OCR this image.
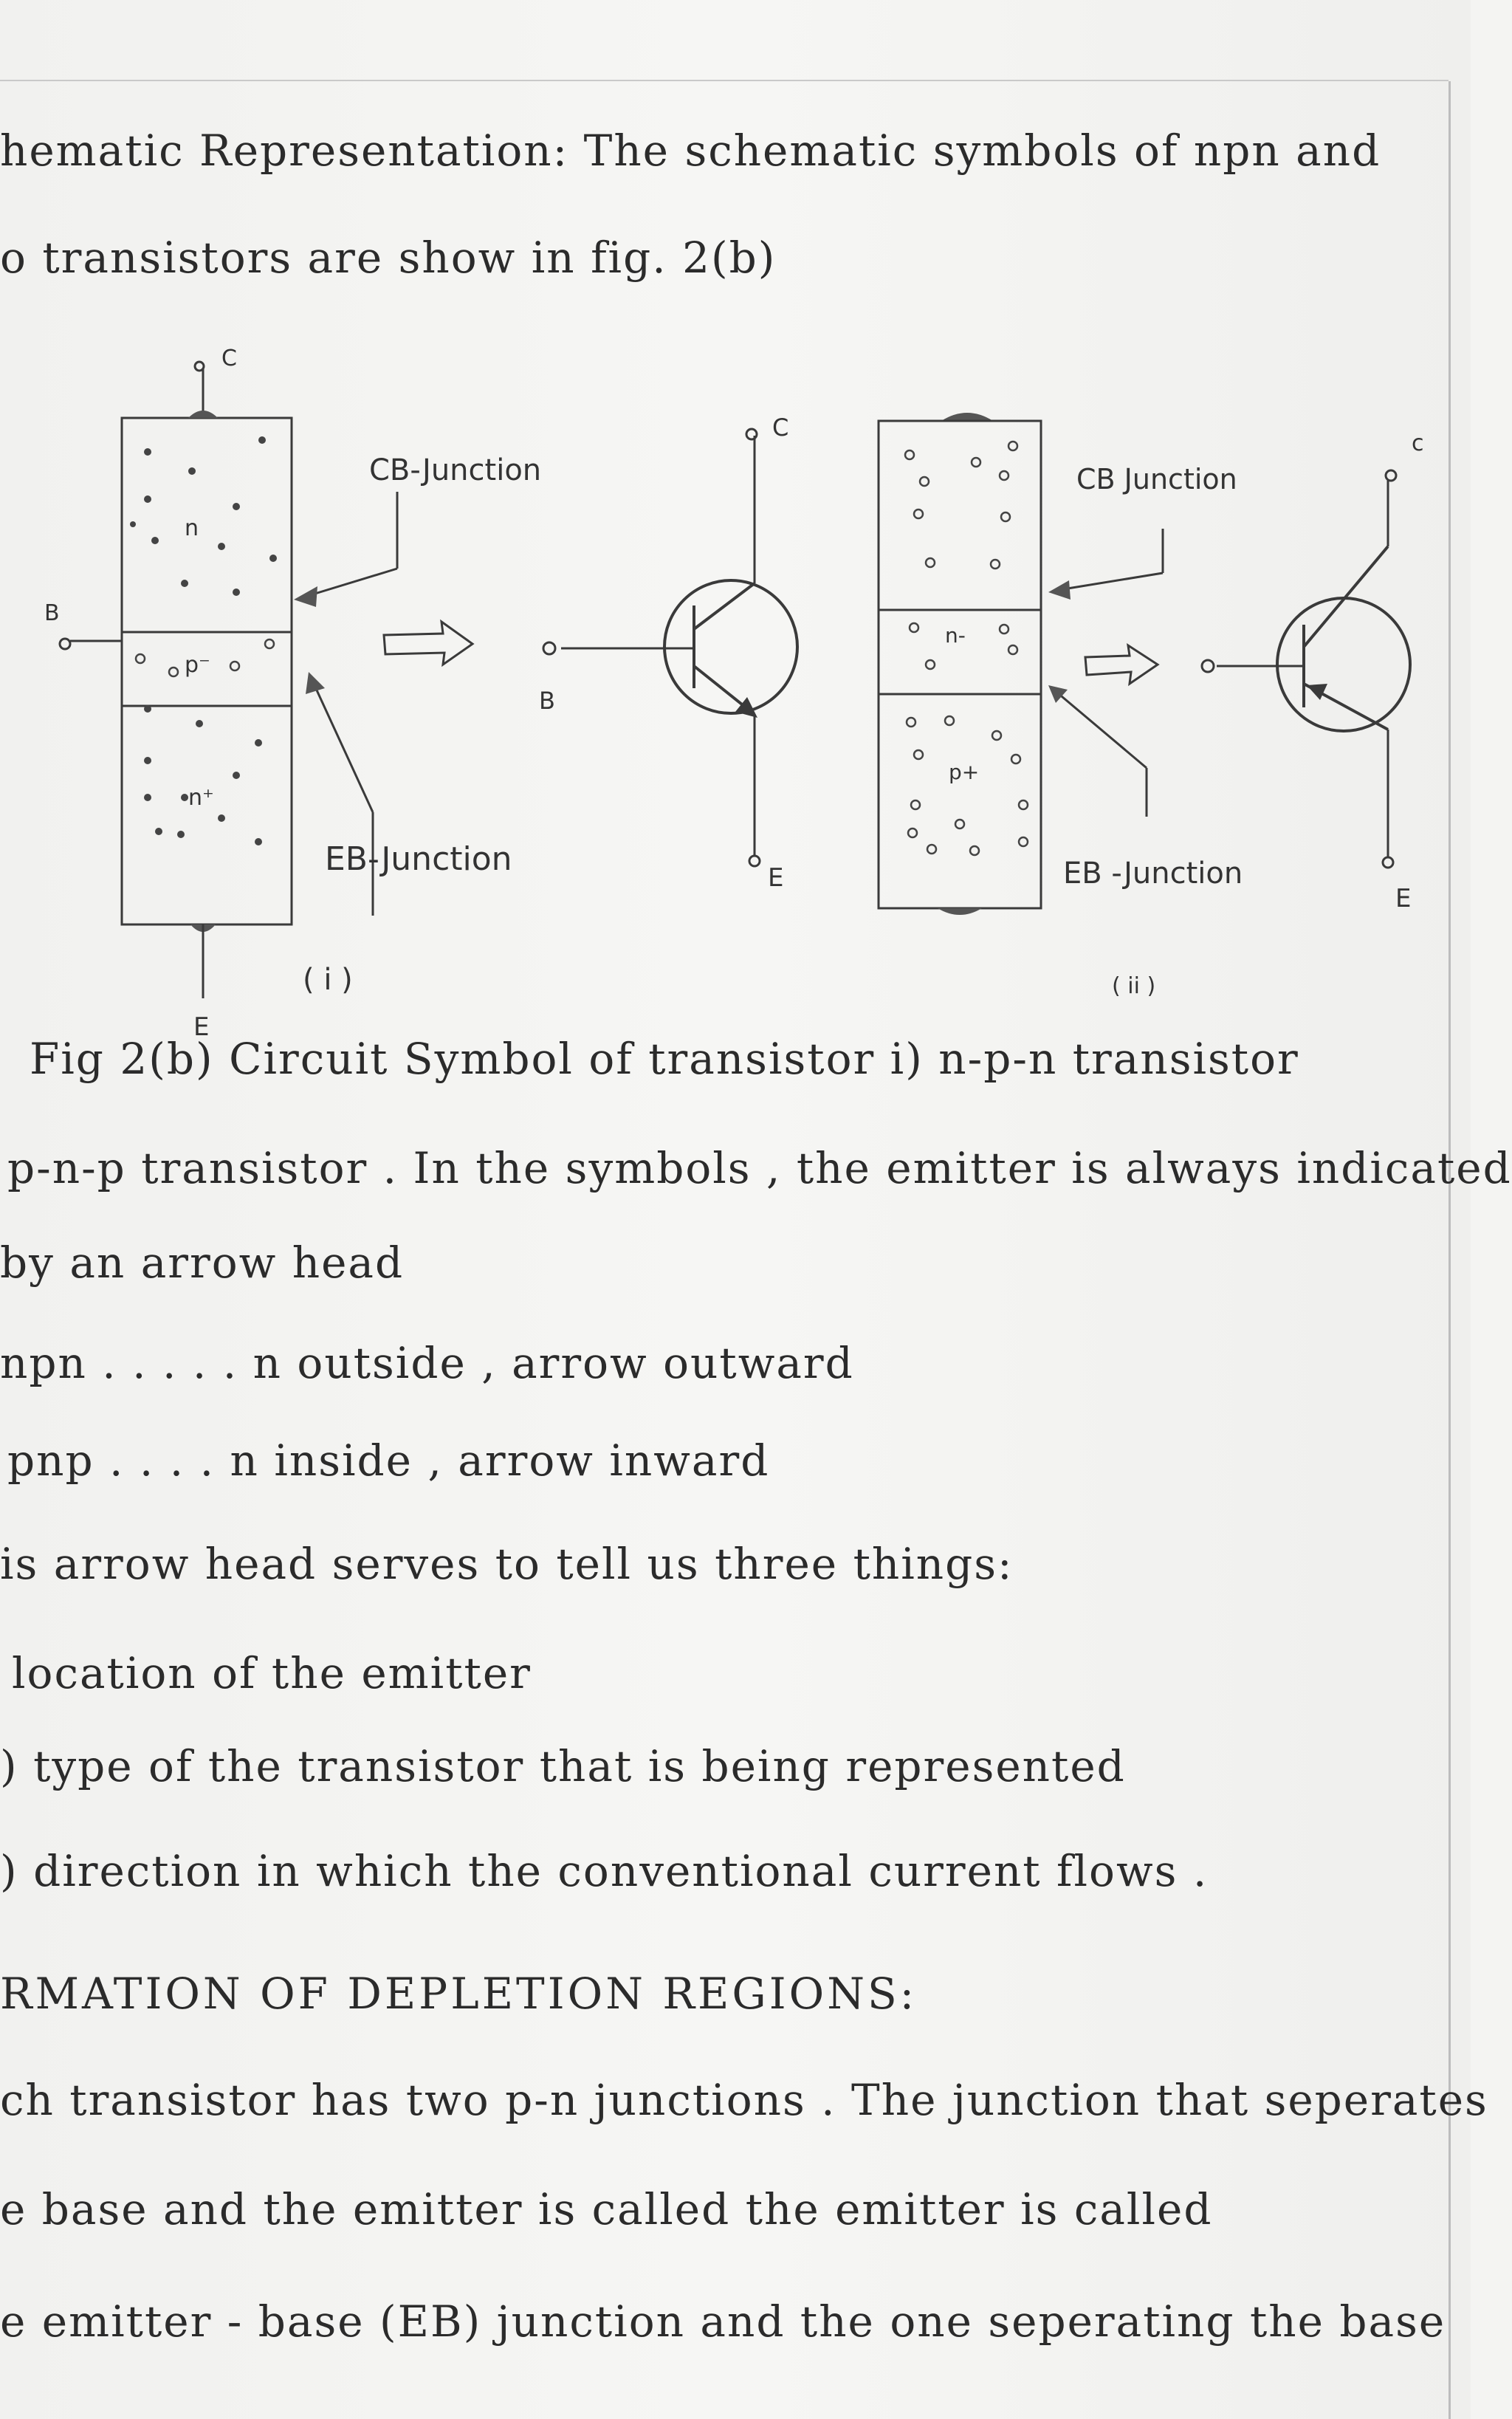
hematic Representation: The schematic symbols of npn and
o transistors are show in fig. 2(b)
C
n
p⁻
n⁺
B
E
CB-Junction
EB-Junction
C
B
E
n-
p+
CB Junction
EB -Junction
c
E
( i )	( ii )
Fig 2(b) Circuit Symbol of transistor i) n-p-n transistor
p-n-p transistor . In the symbols , the emitter is always indicated
by an arrow head
npn . . . . . n outside , arrow outward
pnp . . . . n inside , arrow inward
is arrow head serves to tell us three things:
location of the emitter
) type of the transistor that is being represented
) direction in which the conventional current flows .
RMATION OF DEPLETION REGIONS:
ch transistor has two p-n junctions . The junction that seperates
e base and the emitter is called the emitter is called
e emitter - base (EB) junction and the one seperating the base
